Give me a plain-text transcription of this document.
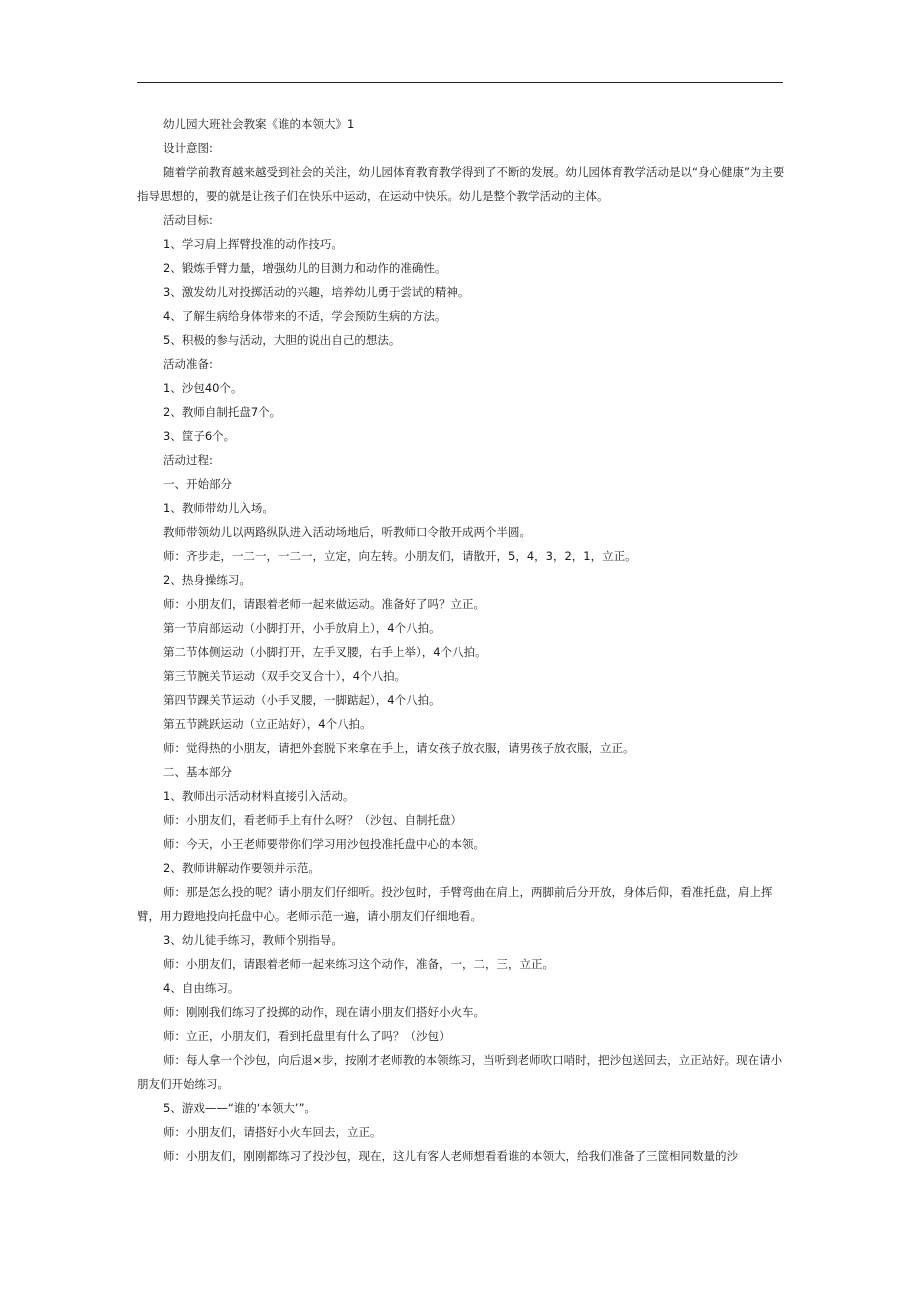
幼儿园大班社会教案《谁的本领大》1

设计意图:

随着学前教育越来越受到社会的关注，幼儿园体育教育教学得到了不断的发展。幼儿园体育教学活动是以“身心健康”为主要指导思想的，要的就是让孩子们在快乐中运动，在运动中快乐。幼儿是整个教学活动的主体。

活动目标:

1、学习肩上挥臂投准的动作技巧。

2、锻炼手臂力量，增强幼儿的目测力和动作的准确性。

3、激发幼儿对投掷活动的兴趣，培养幼儿勇于尝试的精神。

4、了解生病给身体带来的不适，学会预防生病的方法。

5、积极的参与活动，大胆的说出自己的想法。

活动准备:

1、沙包40个。

2、教师自制托盘7个。

3、筐子6个。

活动过程:

一、开始部分

1、教师带幼儿入场。

教师带领幼儿以两路纵队进入活动场地后，听教师口令散开成两个半圆。

师：齐步走，一二一，一二一，立定，向左转。小朋友们，请散开，5，4，3，2，1，立正。

2、热身操练习。

师：小朋友们，请跟着老师一起来做运动。准备好了吗？立正。

第一节肩部运动（小脚打开，小手放肩上），4个八拍。

第二节体侧运动（小脚打开，左手叉腰，右手上举），4个八拍。

第三节腕关节运动（双手交叉合十），4个八拍。

第四节踝关节运动（小手叉腰，一脚踮起），4个八拍。

第五节跳跃运动（立正站好），4个八拍。

师：觉得热的小朋友，请把外套脱下来拿在手上，请女孩子放衣服，请男孩子放衣服，立正。

二、基本部分

1、教师出示活动材料直接引入活动。

师：小朋友们，看老师手上有什么呀？（沙包、自制托盘）

师：今天，小王老师要带你们学习用沙包投准托盘中心的本领。

2、教师讲解动作要领并示范。

师：那是怎么投的呢？请小朋友们仔细听。投沙包时，手臂弯曲在肩上，两脚前后分开放，身体后仰，看准托盘，肩上挥臂，用力蹬地投向托盘中心。老师示范一遍，请小朋友们仔细地看。

3、幼儿徒手练习，教师个别指导。

师：小朋友们，请跟着老师一起来练习这个动作，准备，一，二，三，立正。

4、自由练习。

师：刚刚我们练习了投掷的动作，现在请小朋友们搭好小火车。

师：立正，小朋友们，看到托盘里有什么了吗？（沙包）

师：每人拿一个沙包，向后退×步，按刚才老师教的本领练习，当听到老师吹口哨时，把沙包送回去，立正站好。现在请小朋友们开始练习。

5、游戏——“谁的‘本领大’”。

师：小朋友们，请搭好小火车回去，立正。

师：小朋友们，刚刚都练习了投沙包，现在，这儿有客人老师想看看谁的本领大，给我们准备了三筐相同数量的沙
